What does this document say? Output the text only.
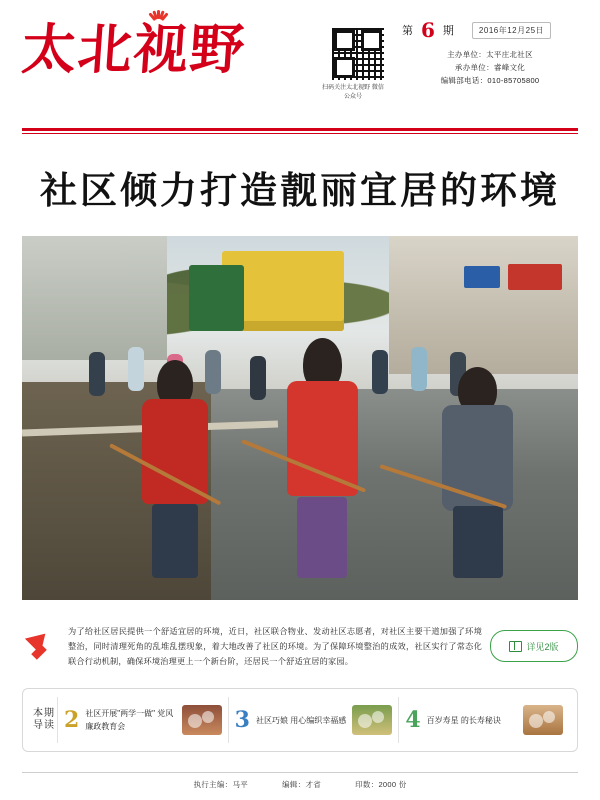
太北视野
扫码关注太北视野 微信公众号
第 6 期	2016年12月25日
主办单位：太平庄北社区
承办单位：睿峰文化
编辑部电话：010-85705800
社区倾力打造靓丽宜居的环境
为了给社区居民提供一个舒适宜居的环境，近日，社区联合物业、发动社区志愿者，对社区主要干道加强了环境整治，同时清理死角的乱堆乱摆现象，着大地改善了社区的环境。为了保障环境整治的成效，社区实行了常态化联合行动机制，确保环境治理更上一个新台阶，还居民一个舒适宜居的家园。
详见2版
本期导读 2 社区开展"两学一做" 党风廉政教育会	3 社区巧娘 用心编织幸福感	4 百岁寿星 的长寿秘诀
执行主编：马平	编辑：才省	印数：2000 份
